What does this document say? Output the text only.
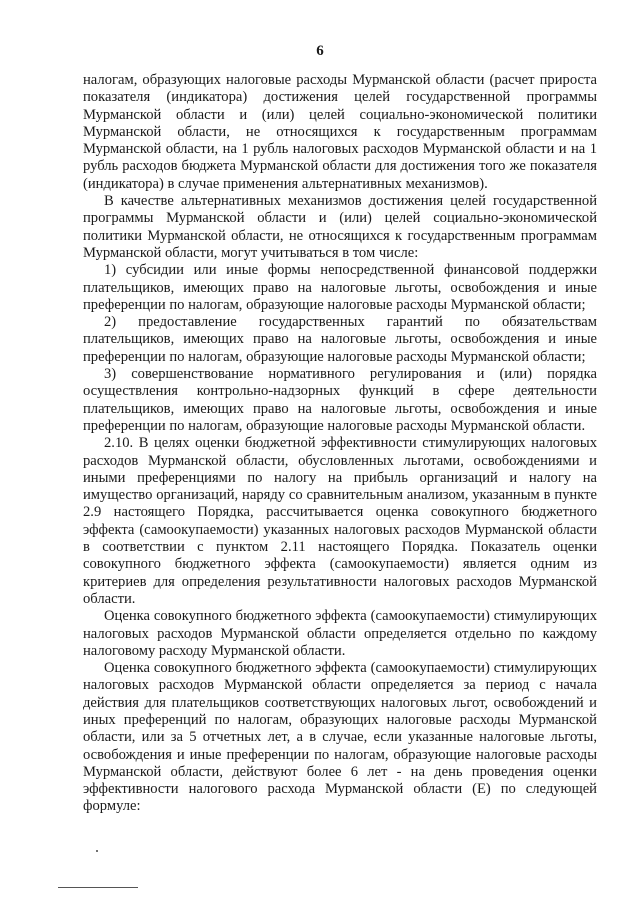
6

налогам, образующих налоговые расходы Мурманской области (расчет прироста показателя (индикатора) достижения целей государственной программы Мурманской области и (или) целей социально-экономической политики Мурманской области, не относящихся к государственным программам Мурманской области, на 1 рубль налоговых расходов Мурманской области и на 1 рубль расходов бюджета Мурманской области для достижения того же показателя (индикатора) в случае применения альтернативных механизмов).

В качестве альтернативных механизмов достижения целей государственной программы Мурманской области и (или) целей социально-экономической политики Мурманской области, не относящихся к государственным программам Мурманской области, могут учитываться в том числе:

1) субсидии или иные формы непосредственной финансовой поддержки плательщиков, имеющих право на налоговые льготы, освобождения и иные преференции по налогам, образующие налоговые расходы Мурманской области;

2) предоставление государственных гарантий по обязательствам плательщиков, имеющих право на налоговые льготы, освобождения и иные преференции по налогам, образующие налоговые расходы Мурманской области;

3) совершенствование нормативного регулирования и (или) порядка осуществления контрольно-надзорных функций в сфере деятельности плательщиков, имеющих право на налоговые льготы, освобождения и иные преференции по налогам, образующие налоговые расходы Мурманской области.

2.10. В целях оценки бюджетной эффективности стимулирующих налоговых расходов Мурманской области, обусловленных льготами, освобождениями и иными преференциями по налогу на прибыль организаций и налогу на имущество организаций, наряду со сравнительным анализом, указанным в пункте 2.9 настоящего Порядка, рассчитывается оценка совокупного бюджетного эффекта (самоокупаемости) указанных налоговых расходов Мурманской области в соответствии с пунктом 2.11 настоящего Порядка. Показатель оценки совокупного бюджетного эффекта (самоокупаемости) является одним из критериев для определения результативности налоговых расходов Мурманской области.

Оценка совокупного бюджетного эффекта (самоокупаемости) стимулирующих налоговых расходов Мурманской области определяется отдельно по каждому налоговому расходу Мурманской области.

Оценка совокупного бюджетного эффекта (самоокупаемости) стимулирующих налоговых расходов Мурманской области определяется за период с начала действия для плательщиков соответствующих налоговых льгот, освобождений и иных преференций по налогам, образующих налоговые расходы Мурманской области, или за 5 отчетных лет, а в случае, если указанные налоговые льготы, освобождения и иные преференции по налогам, образующие налоговые расходы Мурманской области, действуют более 6 лет - на день проведения оценки эффективности налогового расхода Мурманской области (E) по следующей формуле:
